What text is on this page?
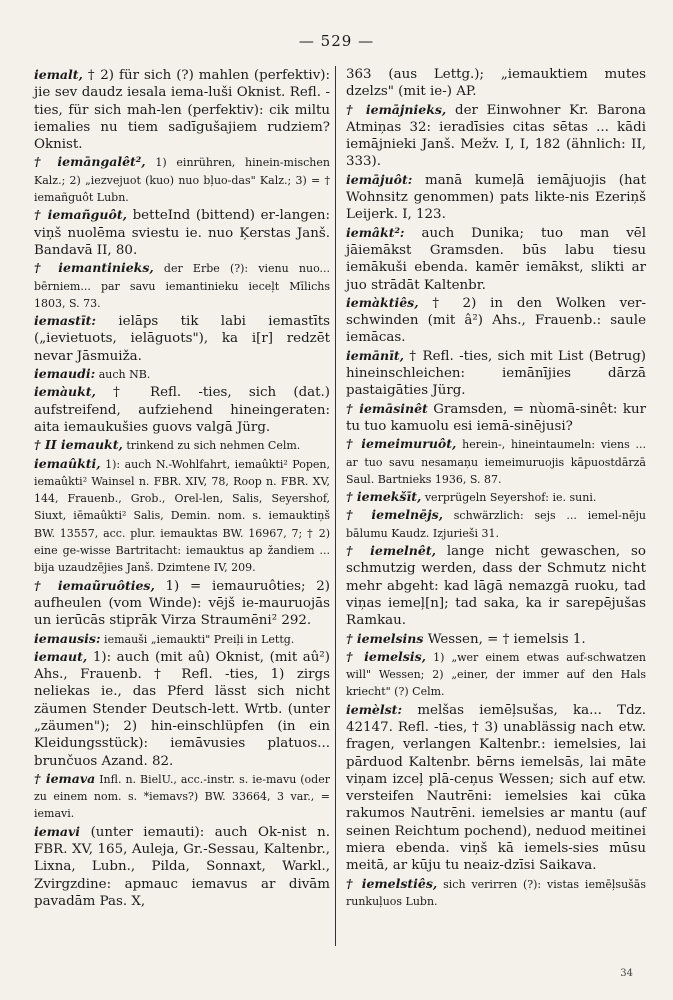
— 529 —

iemalt, † 2) für sich (?) mahlen (perfektiv): jie sev daudz iesala iema-luši Oknist. Refl. -ties, für sich mah-len (perfektiv): cik miltu iemalies nu tiem sadīgušajiem rudziem? Oknist.

† iemāngalêt², 1) einrühren, hinein-mischen Kalz.; 2) „iezvejuot (kuo) nuo bļuo-das" Kalz.; 3) = † iemañguôt Lubn.

† iemañguôt, betteInd (bittend) er-langen: viņš nuolēma sviestu ie. nuo Ķerstas Janš. Bandavā II, 80.

† iemantinieks, der Erbe (?): vienu nuo... bērniem... par savu iemantinieku ieceļt Mīlichs 1803, S. 73.

iemastīt: ielāps tik labi iemastīts („ievietuots, ielāguots"), ka i[r] redzēt nevar Jāsmuiža.

iemaudi: auch NB.

iemàukt, † Refl. -ties, sich (dat.) aufstreifend, aufziehend hineingeraten: aita iemaukušies guovs valgā Jürg.

† II iemaukt, trinkend zu sich nehmen Celm.

iemaûkti, 1): auch N.-Wohlfahrt, iemaûkti² Popen, iemaûkti² Wainsel n. FBR. XIV, 78, Roop n. FBR. XV, 144, Frauenb., Grob., Orel-len, Salis, Seyershof, Siuxt, iēmaûkti² Salis, Demin. nom. s. iemauktiņš BW. 13557, acc. plur. iemauktas BW. 16967, 7; † 2) eine ge-wisse Bartritacht: iemauktus ap žandiem ... bija uzaudzējies Janš. Dzimtene IV, 209.

† iemaũruôties, 1) = iemauruôties; 2) aufheulen (vom Winde): vējš ie-mauruojās un ierūcās stiprāk Virza Straumēni² 292.

iemausis: iemauši „iemaukti" Preiļi in Lettg.

iemaut, 1): auch (mit aû) Oknist, (mit aû²) Ahs., Frauenb. † Refl. -ties, 1) zirgs neliekas ie., das Pferd lässt sich nicht zäumen Stender Deutsch-lett. Wrtb. (unter „zäumen"); 2) hin-einschlüpfen (in ein Kleidungsstück): iemāvusies platuos... brunčuos Azand. 82.

† iemava Infl. n. BielU., acc.-instr. s. ie-mavu (oder zu einem nom. s. *iemavs?) BW. 33664, 3 var., = iemavi.

iemavi (unter iemauti): auch Ok-nist n. FBR. XV, 165, Auleja, Gr.-Sessau, Kaltenbr., Lixna, Lubn., Pilda, Sonnaxt, Warkl., Zvirgzdine: apmauc iemavus ar divām pavadām Pas. X,

363 (aus Lettg.); „iemauktiem mutes dzelzs" (mit ie-) AP.

† iemājnieks, der Einwohner Kr. Barona Atmiņas 32: ieradīsies citas sētas ... kādi iemājnieki Janš. Mežv. I, I, 182 (ähnlich: II, 333).

iemājuôt: manā kumeļā iemājuojis (hat Wohnsitz genommen) pats likte-nis Ezeriņš Leijerk. I, 123.

iemâkt²: auch Dunika; tuo man vēl jāiemākst Gramsden. būs labu tiesu iemākuši ebenda. kamēr iemākst, slikti ar juo strādāt Kaltenbr.

iemàktiês, † 2) in den Wolken ver-schwinden (mit â²) Ahs., Frauenb.: saule iemācas.

iemānīt, † Refl. -ties, sich mit List (Betrug) hineinschleichen: iemānījies dārzā pastaigāties Jürg.

† iemāsinêt Gramsden, = nùomā-sinêt: kur tu tuo kamuolu esi iemā-sinējusi?

† iemeimuruôt, herein-, hineintaumeln: viens ... ar tuo savu nesamaņu iemeimuruojis kāpuostdārzā Saul. Bartnieks 1936, S. 87.

† iemekšīt, verprügeln Seyershof: ie. suni.

† iemelnējs, schwärzlich: sejs ... iemel-nēju bālumu Kaudz. Izjurieši 31.

† iemelnêt, lange nicht gewaschen, so schmutzig werden, dass der Schmutz nicht mehr abgeht: kad lāgā nemazgā ruoku, tad viņas iemeļ[n]; tad saka, ka ir sarepējušas Ramkau.

† iemelsins Wessen, = † iemelsis 1.

† iemelsis, 1) „wer einem etwas auf-schwatzen will" Wessen; 2) „einer, der immer auf den Hals kriecht" (?) Celm.

iemèlst: melšas iemēļsušas, ka... Tdz. 42147. Refl. -ties, † 3) unablässig nach etw. fragen, verlangen Kaltenbr.: iemelsies, lai pārduod Kaltenbr. bērns iemelsās, lai māte viņam izceļ plā-ceņus Wessen; sich auf etw. versteifen Nautrēni: iemelsies kai cūka rakumos Nautrēni. iemelsies ar mantu (auf seinen Reichtum pochend), neduod meitinei miera ebenda. viņš kā iemels-sies mūsu meitā, ar kūju tu neaiz-dzīsi Saikava.

† iemelstiês, sich verirren (?): vistas iemēļsušās runkuļuos Lubn.

34
